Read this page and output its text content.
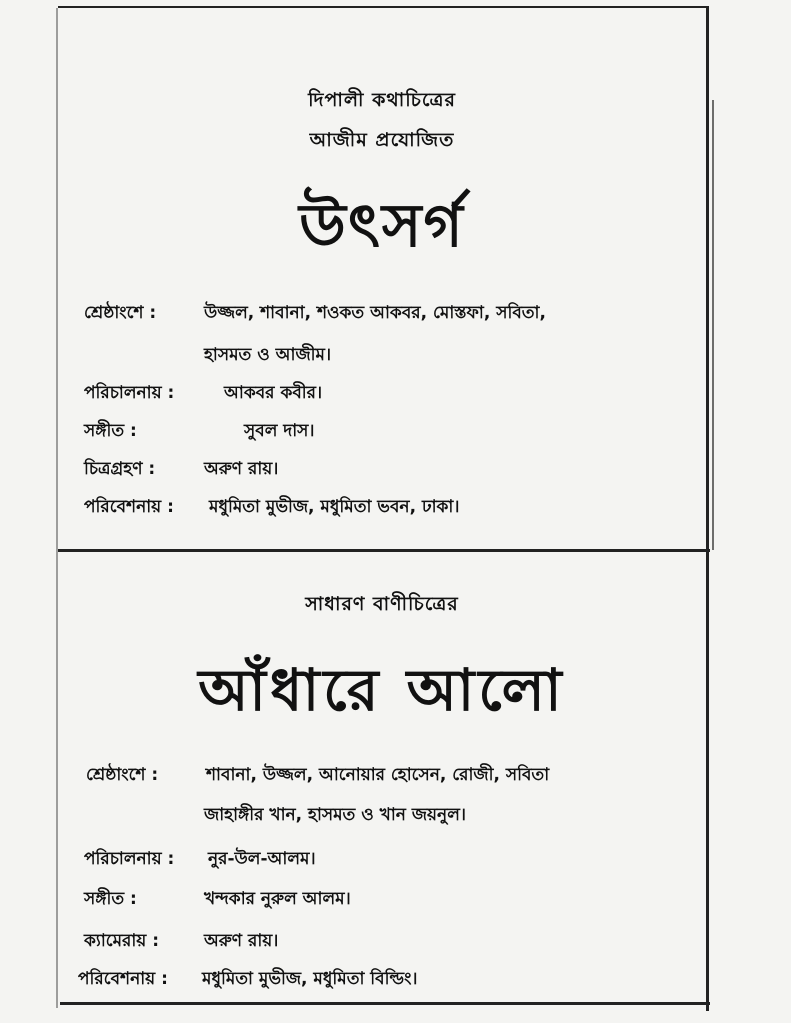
দিপালী কথাচিত্রের
আজীম প্রযোজিত
উৎসর্গ
শ্রেষ্ঠাংশে :	উজ্জল, শাবানা, শওকত আকবর, মোস্তফা, সবিতা,
হাসমত ও আজীম।
পরিচালনায় :	আকবর কবীর।
সঙ্গীত :	সুবল দাস।
চিত্রগ্রহণ :	অরুণ রায়।
পরিবেশনায় : মধুমিতা মুভীজ, মধুমিতা ভবন, ঢাকা।
সাধারণ বাণীচিত্রের
আঁধারে আলো
শ্রেষ্ঠাংশে :	শাবানা, উজ্জল, আনোয়ার হোসেন, রোজী, সবিতা
জাহাঙ্গীর খান, হাসমত ও খান জয়নুল।
পরিচালনায় : নুর-উল-আলম।
সঙ্গীত :	খন্দকার নুরুল আলম।
ক্যামেরায় :	অরুণ রায়।
পরিবেশনায় : মধুমিতা মুভীজ, মধুমিতা বিল্ডিং।
